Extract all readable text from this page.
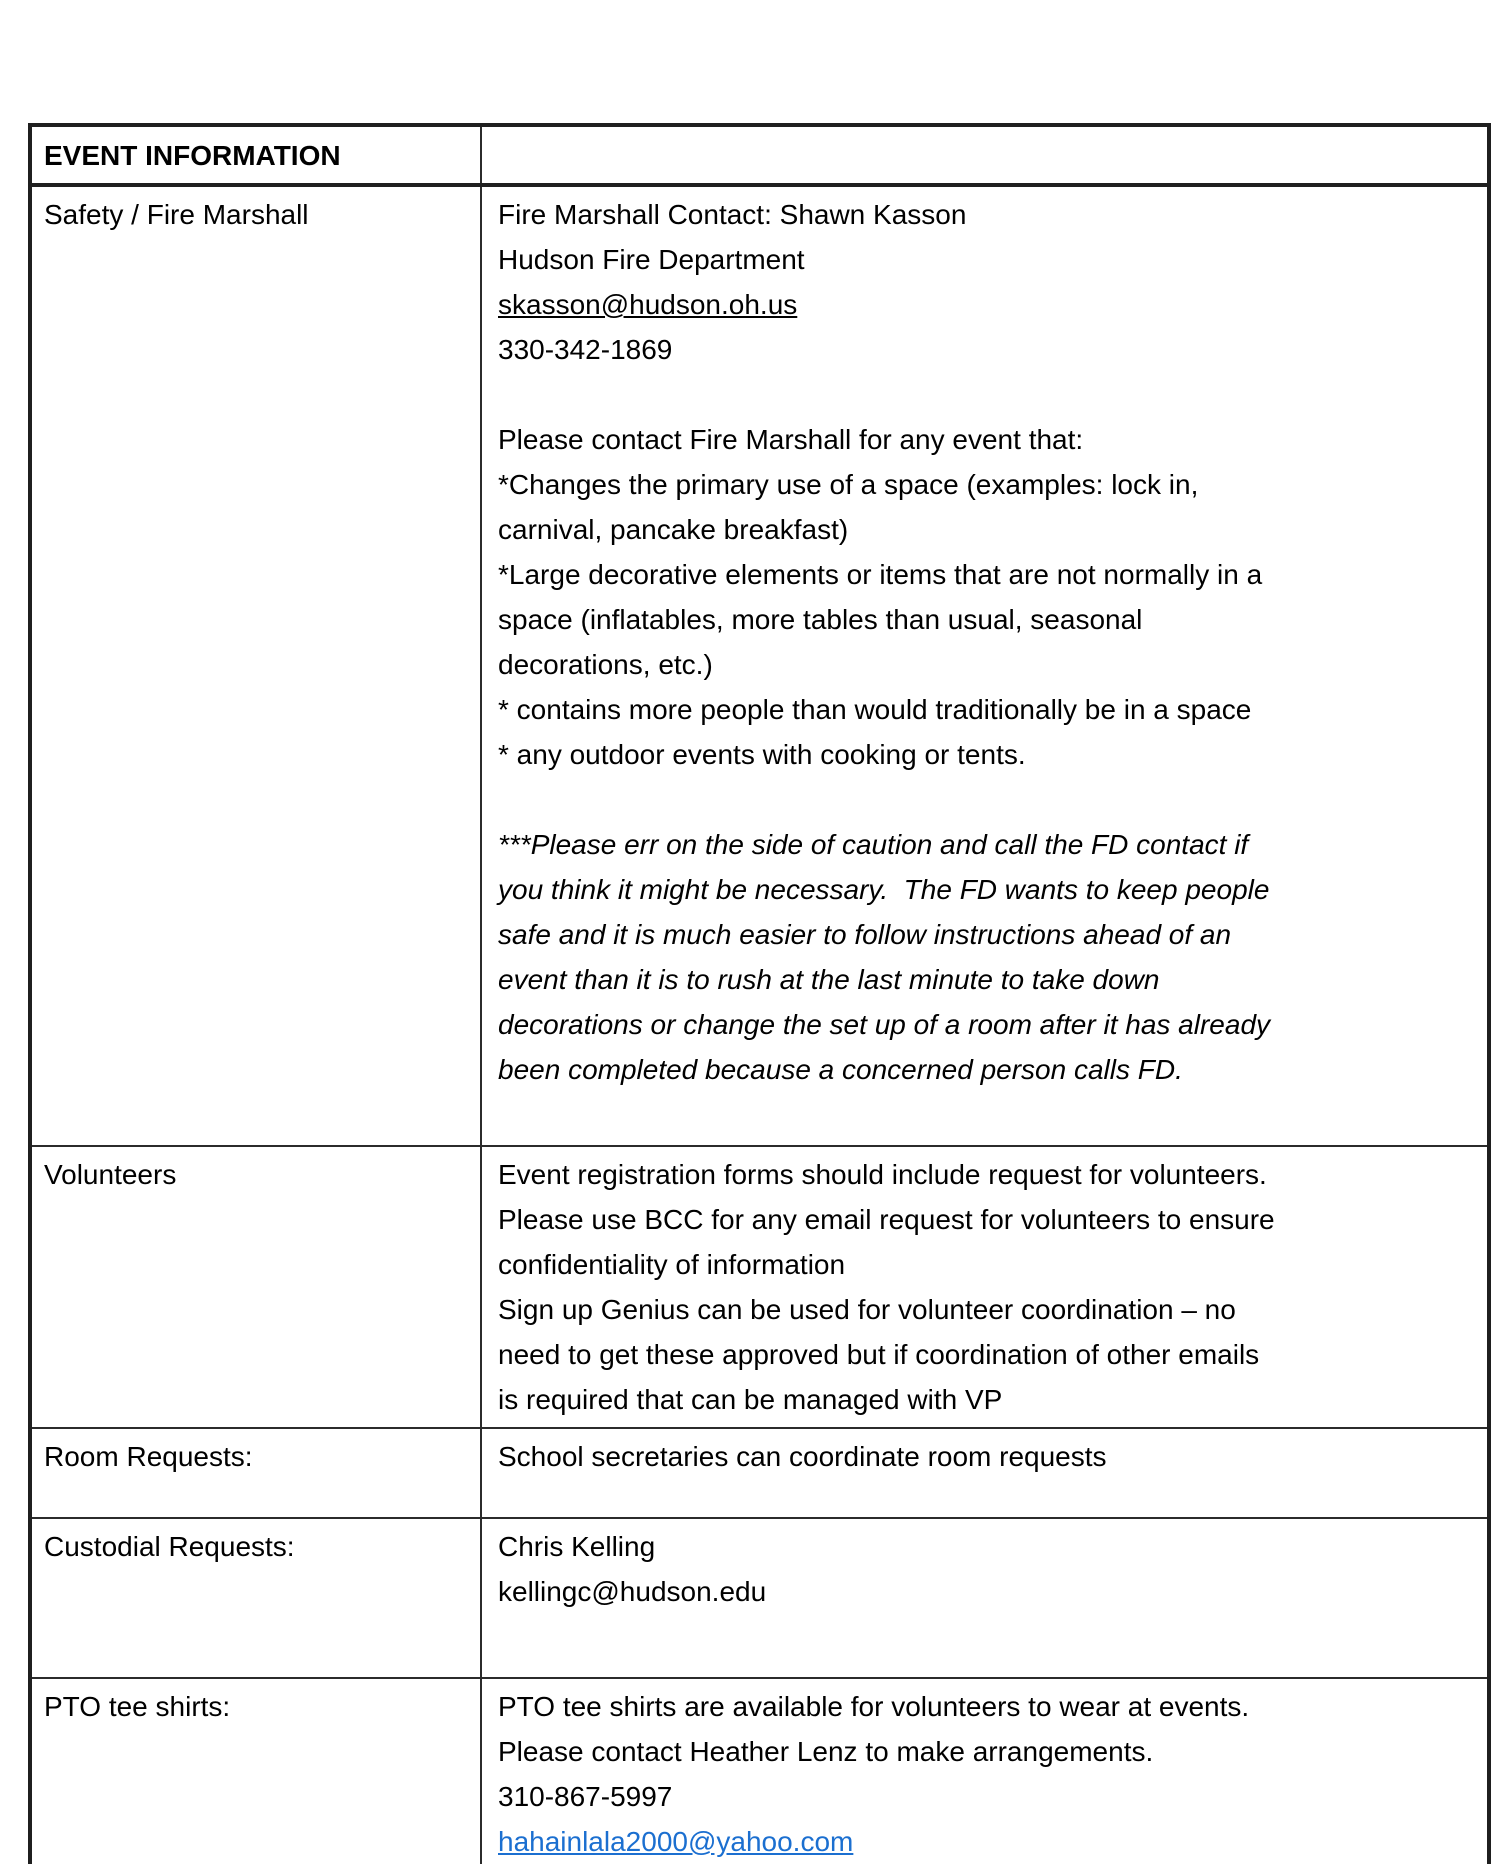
EVENT INFORMATION
Safety / Fire Marshall	Fire Marshall Contact: Shawn Kasson
Hudson Fire Department
skasson@hudson.oh.us
330-342-1869
Please contact Fire Marshall for any event that:
*Changes the primary use of a space (examples: lock in,
carnival, pancake breakfast)
*Large decorative elements or items that are not normally in a
space (inflatables, more tables than usual, seasonal
decorations, etc.)
* contains more people than would traditionally be in a space
* any outdoor events with cooking or tents.
***Please err on the side of caution and call the FD contact if
you think it might be necessary.  The FD wants to keep people
safe and it is much easier to follow instructions ahead of an
event than it is to rush at the last minute to take down
decorations or change the set up of a room after it has already
been completed because a concerned person calls FD.
Volunteers	Event registration forms should include request for volunteers.
Please use BCC for any email request for volunteers to ensure
confidentiality of information
Sign up Genius can be used for volunteer coordination – no
need to get these approved but if coordination of other emails
is required that can be managed with VP
Room Requests:	School secretaries can coordinate room requests
Custodial Requests:	Chris Kelling
kellingc@hudson.edu
PTO tee shirts:	PTO tee shirts are available for volunteers to wear at events.
Please contact Heather Lenz to make arrangements.
310-867-5997
hahainlala2000@yahoo.com
